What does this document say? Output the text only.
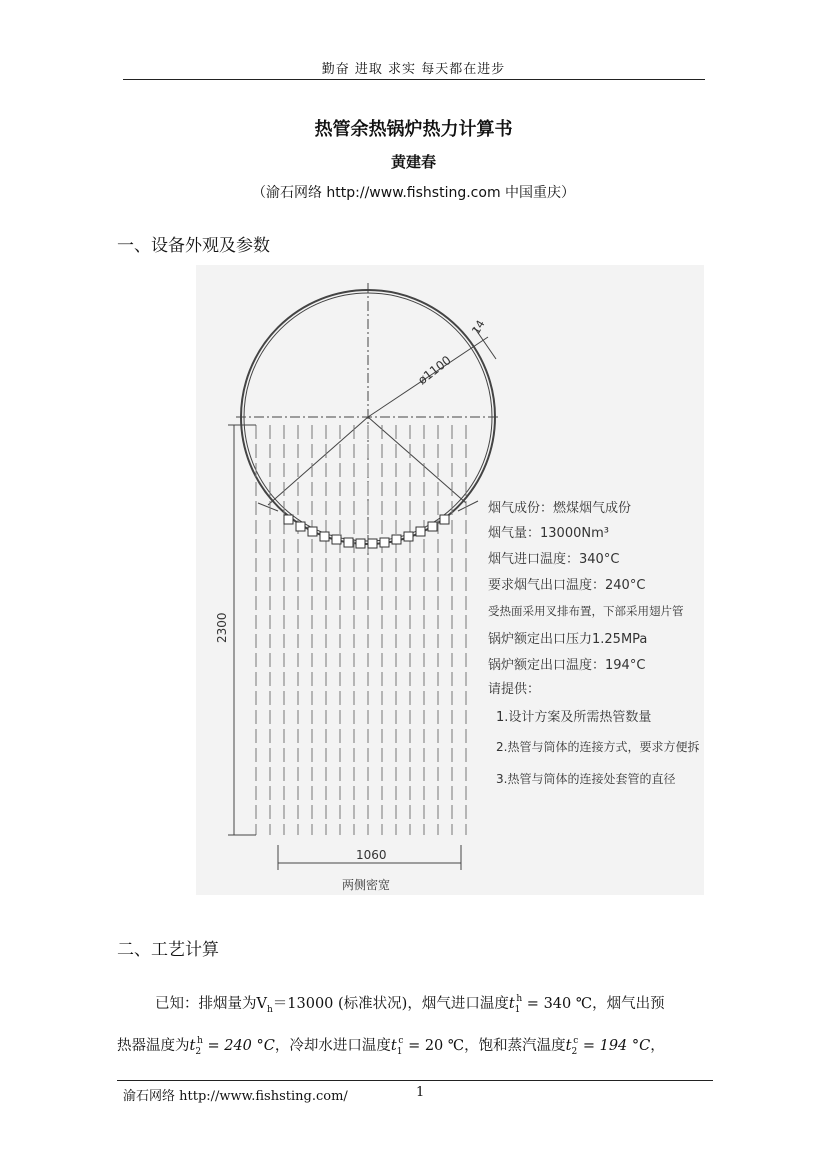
勤奋 进取 求实 每天都在进步
热管余热锅炉热力计算书
黄建春
（渝石网络 http://www.fishsting.com 中国重庆）
一、设备外观及参数
ø1100
14
2300
1060
两侧密宽
烟气成份：燃煤烟气成份
烟气量：13000Nm³
烟气进口温度：340°C
要求烟气出口温度：240°C
受热面采用叉排布置，下部采用翅片管
锅炉额定出口压力1.25MPa
锅炉额定出口温度：194°C
请提供：
1.设计方案及所需热管数量
2.热管与筒体的连接方式，要求方便拆
3.热管与筒体的连接处套管的直径
二、工艺计算
已知：排烟量为$V_h=13000$ (标准状况)，烟气进口温度$t_1^h = 340$ ℃，烟气出预
热器温度为$t_2^h = 240$ °C，冷却水进口温度$t_1^c = 20$ ℃，饱和蒸汽温度$t_2^c = 194$ °C，
渝石网络 http://www.fishsting.com/	1
